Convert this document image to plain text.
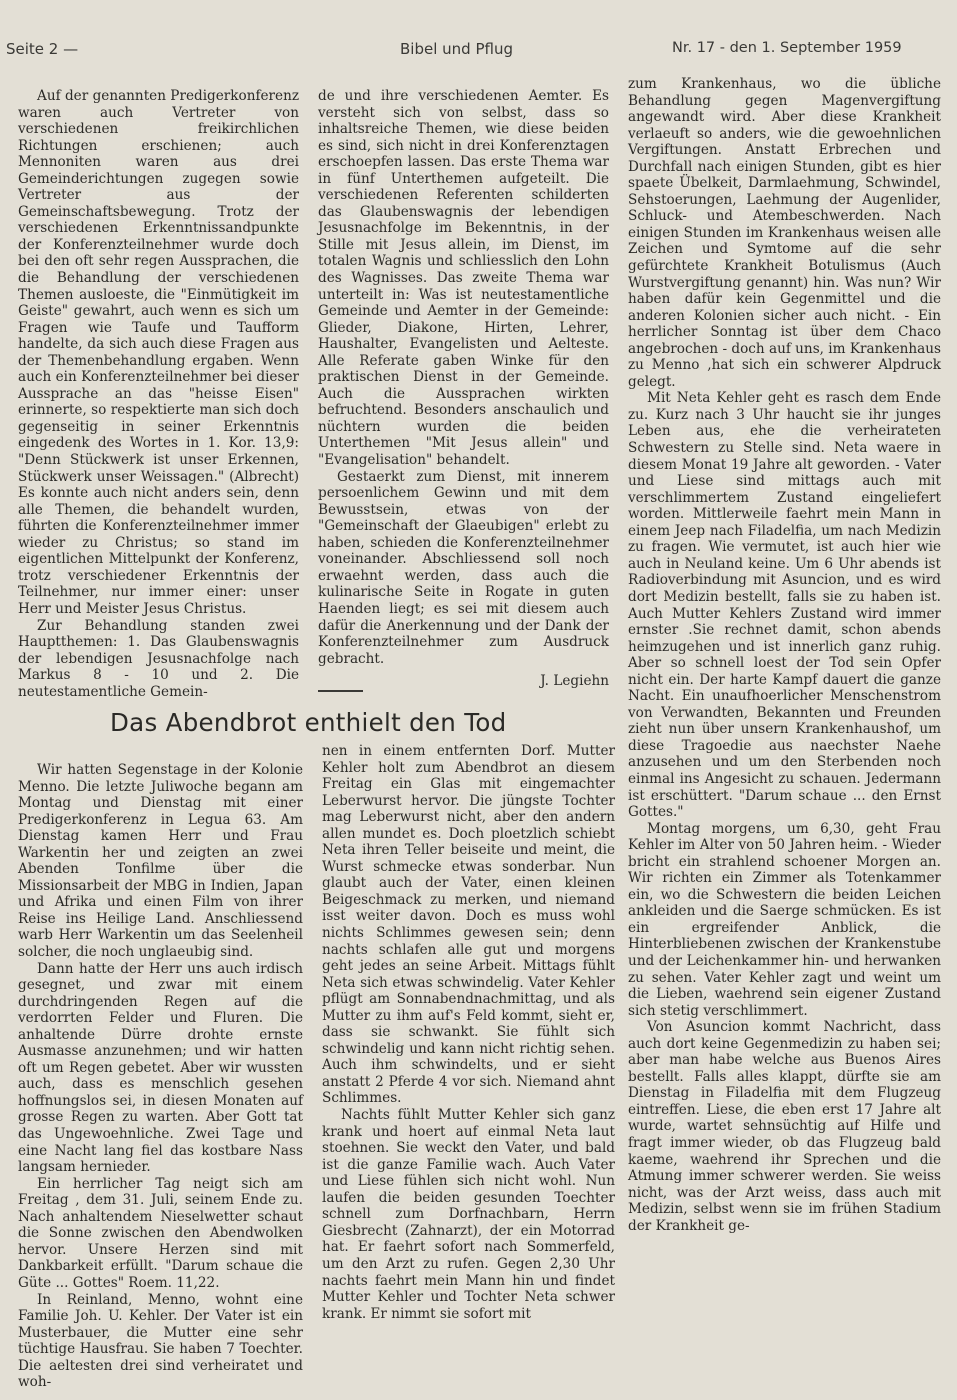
Seite 2 —	Bibel und Pflug	Nr. 17 - den 1. September 1959

Auf der genannten Predigerkonferenz waren auch Vertreter von verschiedenen freikirchlichen Richtungen erschienen; auch Mennoniten waren aus drei Gemeinderichtungen zugegen sowie Vertreter aus der Gemeinschaftsbewegung. Trotz der verschiedenen Erkenntnissandpunkte der Konferenzteilnehmer wurde doch bei den oft sehr regen Aussprachen, die die Behandlung der verschiedenen Themen ausloeste, die "Einmütigkeit im Geiste" gewahrt, auch wenn es sich um Fragen wie Taufe und Taufform handelte, da sich auch diese Fragen aus der Themenbehandlung ergaben. Wenn auch ein Konferenzteilnehmer bei dieser Aussprache an das "heisse Eisen" erinnerte, so respektierte man sich doch gegenseitig in seiner Erkenntnis eingedenk des Wortes in 1. Kor. 13,9: "Denn Stückwerk ist unser Erkennen, Stückwerk unser Weissagen." (Albrecht) Es konnte auch nicht anders sein, denn alle Themen, die behandelt wurden, führten die Konferenzteilnehmer immer wieder zu Christus; so stand im eigentlichen Mittelpunkt der Konferenz, trotz verschiedener Erkenntnis der Teilnehmer, nur immer einer: unser Herr und Meister Jesus Christus.

Zur Behandlung standen zwei Hauptthemen: 1. Das Glaubenswagnis der lebendigen Jesusnachfolge nach Markus 8 - 10 und 2. Die neutestamentliche Gemein-

de und ihre verschiedenen Aemter. Es versteht sich von selbst, dass so inhaltsreiche Themen, wie diese beiden es sind, sich nicht in drei Konferenztagen erschoepfen lassen. Das erste Thema war in fünf Unterthemen aufgeteilt. Die verschiedenen Referenten schilderten das Glaubenswagnis der lebendigen Jesusnachfolge im Bekenntnis, in der Stille mit Jesus allein, im Dienst, im totalen Wagnis und schliesslich den Lohn des Wagnisses. Das zweite Thema war unterteilt in: Was ist neutestamentliche Gemeinde und Aemter in der Gemeinde: Glieder, Diakone, Hirten, Lehrer, Haushalter, Evangelisten und Aelteste. Alle Referate gaben Winke für den praktischen Dienst in der Gemeinde. Auch die Aussprachen wirkten befruchtend. Besonders anschaulich und nüchtern wurden die beiden Unterthemen "Mit Jesus allein" und "Evangelisation" behandelt.

Gestaerkt zum Dienst, mit innerem persoenlichem Gewinn und mit dem Bewusstsein, etwas von der "Gemeinschaft der Glaeubigen" erlebt zu haben, schieden die Konferenzteilnehmer voneinander. Abschliessend soll noch erwaehnt werden, dass auch die kulinarische Seite in Rogate in guten Haenden liegt; es sei mit diesem auch dafür die Anerkennung und der Dank der Konferenzteilnehmer zum Ausdruck gebracht.

J. Legiehn

Das Abendbrot enthielt den Tod

Wir hatten Segenstage in der Kolonie Menno. Die letzte Juliwoche begann am Montag und Dienstag mit einer Predigerkonferenz in Legua 63. Am Dienstag kamen Herr und Frau Warkentin her und zeigten an zwei Abenden Tonfilme über die Missionsarbeit der MBG in Indien, Japan und Afrika und einen Film von ihrer Reise ins Heilige Land. Anschliessend warb Herr Warkentin um das Seelenheil solcher, die noch unglaeubig sind.

Dann hatte der Herr uns auch irdisch gesegnet, und zwar mit einem durchdringenden Regen auf die verdorrten Felder und Fluren. Die anhaltende Dürre drohte ernste Ausmasse anzunehmen; und wir hatten oft um Regen gebetet. Aber wir wussten auch, dass es menschlich gesehen hoffnungslos sei, in diesen Monaten auf grosse Regen zu warten. Aber Gott tat das Ungewoehnliche. Zwei Tage und eine Nacht lang fiel das kostbare Nass langsam hernieder.

Ein herrlicher Tag neigt sich am Freitag , dem 31. Juli, seinem Ende zu. Nach anhaltendem Nieselwetter schaut die Sonne zwischen den Abendwolken hervor. Unsere Herzen sind mit Dankbarkeit erfüllt. "Darum schaue die Güte ... Gottes" Roem. 11,22.

In Reinland, Menno, wohnt eine Familie Joh. U. Kehler. Der Vater ist ein Musterbauer, die Mutter eine sehr tüchtige Hausfrau. Sie haben 7 Toechter. Die aeltesten drei sind verheiratet und woh-

nen in einem entfernten Dorf. Mutter Kehler holt zum Abendbrot an diesem Freitag ein Glas mit eingemachter Leberwurst hervor. Die jüngste Tochter mag Leberwurst nicht, aber den andern allen mundet es. Doch ploetzlich schiebt Neta ihren Teller beiseite und meint, die Wurst schmecke etwas sonderbar. Nun glaubt auch der Vater, einen kleinen Beigeschmack zu merken, und niemand isst weiter davon. Doch es muss wohl nichts Schlimmes gewesen sein; denn nachts schlafen alle gut und morgens geht jedes an seine Arbeit. Mittags fühlt Neta sich etwas schwindelig. Vater Kehler pflügt am Sonnabendnachmittag, und als Mutter zu ihm auf's Feld kommt, sieht er, dass sie schwankt. Sie fühlt sich schwindelig und kann nicht richtig sehen. Auch ihm schwindelts, und er sieht anstatt 2 Pferde 4 vor sich. Niemand ahnt Schlimmes.

Nachts fühlt Mutter Kehler sich ganz krank und hoert auf einmal Neta laut stoehnen. Sie weckt den Vater, und bald ist die ganze Familie wach. Auch Vater und Liese fühlen sich nicht wohl. Nun laufen die beiden gesunden Toechter schnell zum Dorfnachbarn, Herrn Giesbrecht (Zahnarzt), der ein Motorrad hat. Er faehrt sofort nach Sommerfeld, um den Arzt zu rufen. Gegen 2,30 Uhr nachts faehrt mein Mann hin und findet Mutter Kehler und Tochter Neta schwer krank. Er nimmt sie sofort mit

zum Krankenhaus, wo die übliche Behandlung gegen Magenvergiftung angewandt wird. Aber diese Krankheit verlaeuft so anders, wie die gewoehnlichen Vergiftungen. Anstatt Erbrechen und Durchfall nach einigen Stunden, gibt es hier spaete Übelkeit, Darmlaehmung, Schwindel, Sehstoerungen, Laehmung der Augenlider, Schluck- und Atembeschwerden. Nach einigen Stunden im Krankenhaus weisen alle Zeichen und Symtome auf die sehr gefürchtete Krankheit Botulismus (Auch Wurstvergiftung genannt) hin. Was nun? Wir haben dafür kein Gegenmittel und die anderen Kolonien sicher auch nicht. - Ein herrlicher Sonntag ist über dem Chaco angebrochen - doch auf uns, im Krankenhaus zu Menno ,hat sich ein schwerer Alpdruck gelegt.

Mit Neta Kehler geht es rasch dem Ende zu. Kurz nach 3 Uhr haucht sie ihr junges Leben aus, ehe die verheirateten Schwestern zu Stelle sind. Neta waere in diesem Monat 19 Jahre alt geworden. - Vater und Liese sind mittags auch mit verschlimmertem Zustand eingeliefert worden. Mittlerweile faehrt mein Mann in einem Jeep nach Filadelfia, um nach Medizin zu fragen. Wie vermutet, ist auch hier wie auch in Neuland keine. Um 6 Uhr abends ist Radioverbindung mit Asuncion, und es wird dort Medizin bestellt, falls sie zu haben ist. Auch Mutter Kehlers Zustand wird immer ernster .Sie rechnet damit, schon abends heimzugehen und ist innerlich ganz ruhig. Aber so schnell loest der Tod sein Opfer nicht ein. Der harte Kampf dauert die ganze Nacht. Ein unaufhoerlicher Menschenstrom von Verwandten, Bekannten und Freunden zieht nun über unsern Krankenhaushof, um diese Tragoedie aus naechster Naehe anzusehen und um den Sterbenden noch einmal ins Angesicht zu schauen. Jedermann ist erschüttert. "Darum schaue ... den Ernst Gottes."

Montag morgens, um 6,30, geht Frau Kehler im Alter von 50 Jahren heim. - Wieder bricht ein strahlend schoener Morgen an. Wir richten ein Zimmer als Totenkammer ein, wo die Schwestern die beiden Leichen ankleiden und die Saerge schmücken. Es ist ein ergreifender Anblick, die Hinterbliebenen zwischen der Krankenstube und der Leichenkammer hin- und herwanken zu sehen. Vater Kehler zagt und weint um die Lieben, waehrend sein eigener Zustand sich stetig verschlimmert.

Von Asuncion kommt Nachricht, dass auch dort keine Gegenmedizin zu haben sei; aber man habe welche aus Buenos Aires bestellt. Falls alles klappt, dürfte sie am Dienstag in Filadelfia mit dem Flugzeug eintreffen. Liese, die eben erst 17 Jahre alt wurde, wartet sehnsüchtig auf Hilfe und fragt immer wieder, ob das Flugzeug bald kaeme, waehrend ihr Sprechen und die Atmung immer schwerer werden. Sie weiss nicht, was der Arzt weiss, dass auch mit Medizin, selbst wenn sie im frühen Stadium der Krankheit ge-
